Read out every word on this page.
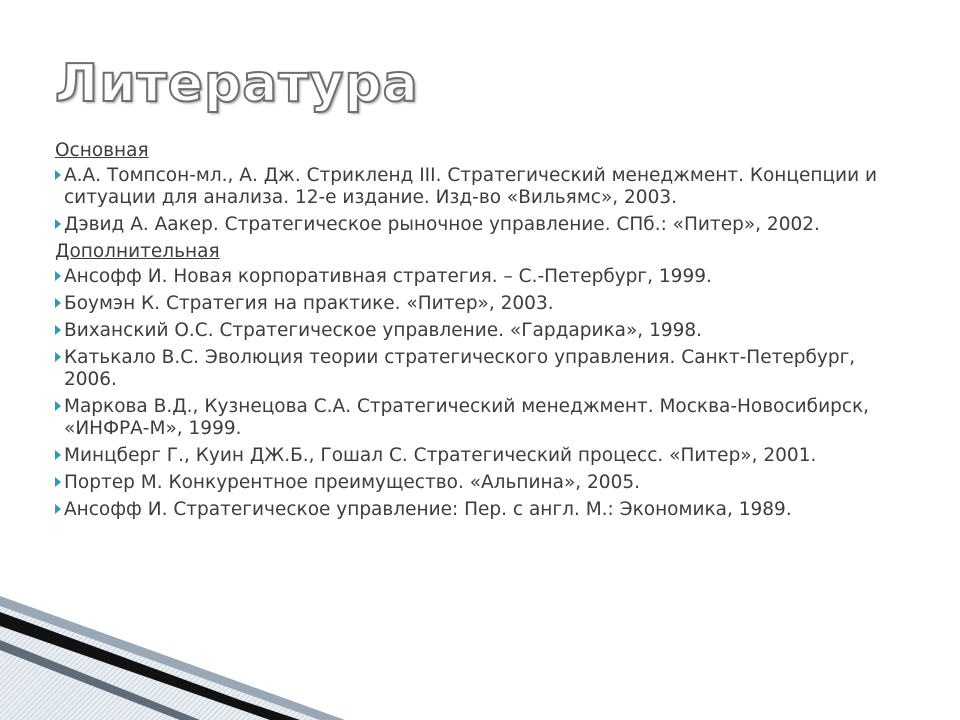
Литература
Основная
А.А. Томпсон-мл., А. Дж. Стрикленд III. Стратегический менеджмент. Концепции и ситуации для анализа. 12-е издание. Изд-во «Вильямс», 2003.
Дэвид А. Аакер. Стратегическое рыночное управление. СПб.: «Питер», 2002.
Дополнительная
Ансофф И. Новая корпоративная стратегия. – С.-Петербург, 1999.
Боумэн К. Стратегия на практике. «Питер», 2003.
Виханский О.С. Стратегическое управление. «Гардарика», 1998.
Катькало В.С. Эволюция теории стратегического управления. Санкт-Петербург, 2006.
Маркова В.Д., Кузнецова С.А. Стратегический менеджмент. Москва-Новосибирск, «ИНФРА-М», 1999.
Минцберг Г., Куин ДЖ.Б., Гошал С. Стратегический процесс. «Питер», 2001.
Портер М. Конкурентное преимущество. «Альпина», 2005.
Ансофф И. Стратегическое управление: Пер. с англ. М.: Экономика, 1989.
